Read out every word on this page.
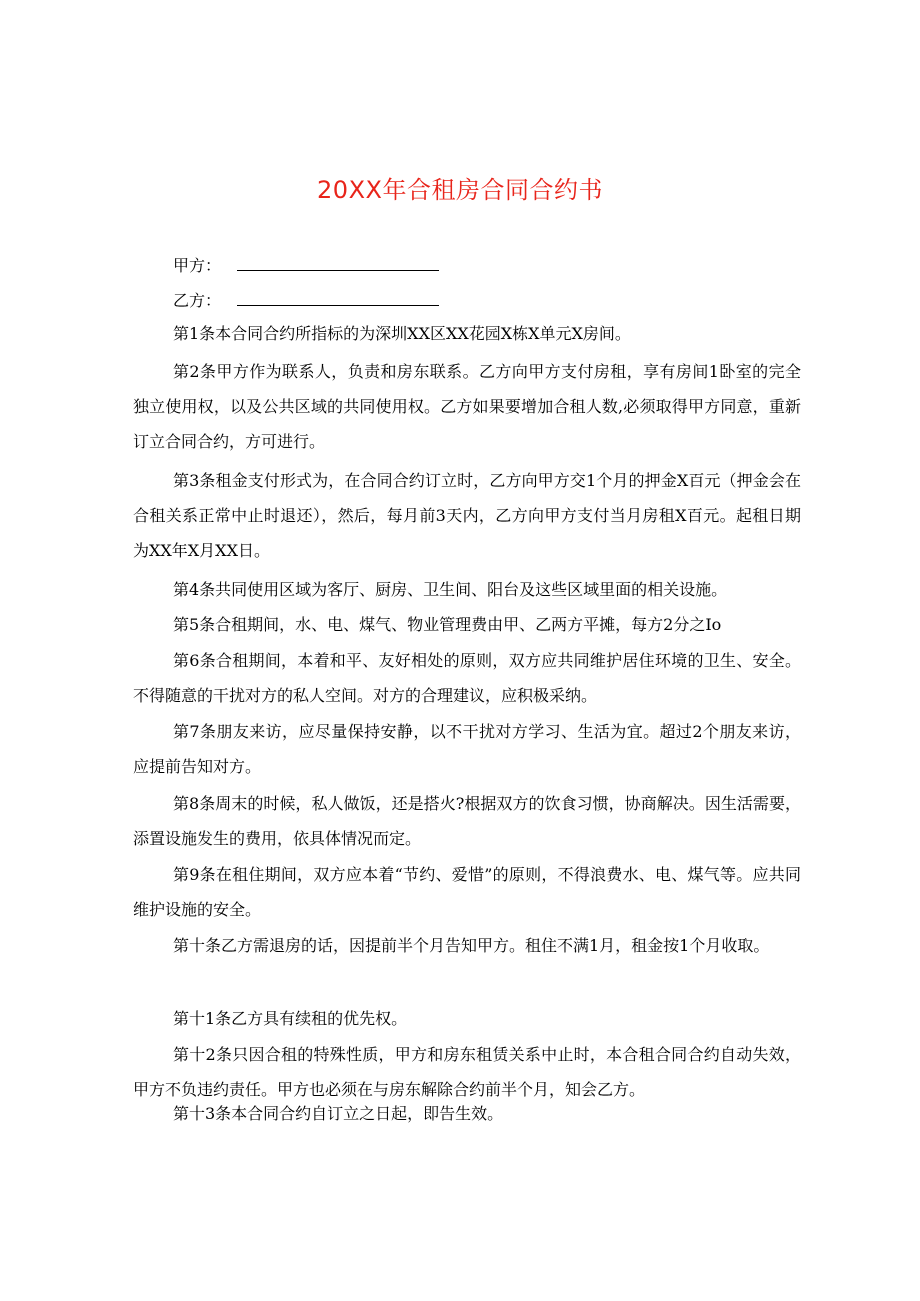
20XX年合租房合同合约书
甲方：
乙方：

第1条本合同合约所指标的为深圳XX区XX花园X栋X单元X房间。

第2条甲方作为联系人，负责和房东联系。乙方向甲方支付房租，享有房间1卧室的完全独立使用权，以及公共区域的共同使用权。乙方如果要增加合租人数,必须取得甲方同意，重新订立合同合约，方可进行。

第3条租金支付形式为，在合同合约订立时，乙方向甲方交1个月的押金X百元（押金会在合租关系正常中止时退还），然后，每月前3天内，乙方向甲方支付当月房租X百元。起租日期为XX年X月XX日。

第4条共同使用区域为客厅、厨房、卫生间、阳台及这些区域里面的相关设施。

第5条合租期间，水、电、煤气、物业管理费由甲、乙两方平摊，每方2分之Io

第6条合租期间，本着和平、友好相处的原则，双方应共同维护居住环境的卫生、安全。不得随意的干扰对方的私人空间。对方的合理建议，应积极采纳。

第7条朋友来访，应尽量保持安静，以不干扰对方学习、生活为宜。超过2个朋友来访，应提前告知对方。

第8条周末的时候，私人做饭，还是搭火?根据双方的饮食习惯，协商解决。因生活需要，添置设施发生的费用，依具体情况而定。

第9条在租住期间，双方应本着“节约、爱惜”的原则，不得浪费水、电、煤气等。应共同维护设施的安全。

第十条乙方需退房的话，因提前半个月告知甲方。租住不满1月，租金按1个月收取。

第十1条乙方具有续租的优先权。

第十2条只因合租的特殊性质，甲方和房东租赁关系中止时，本合租合同合约自动失效，甲方不负违约责任。甲方也必须在与房东解除合约前半个月，知会乙方。

第十3条本合同合约自订立之日起，即告生效。
